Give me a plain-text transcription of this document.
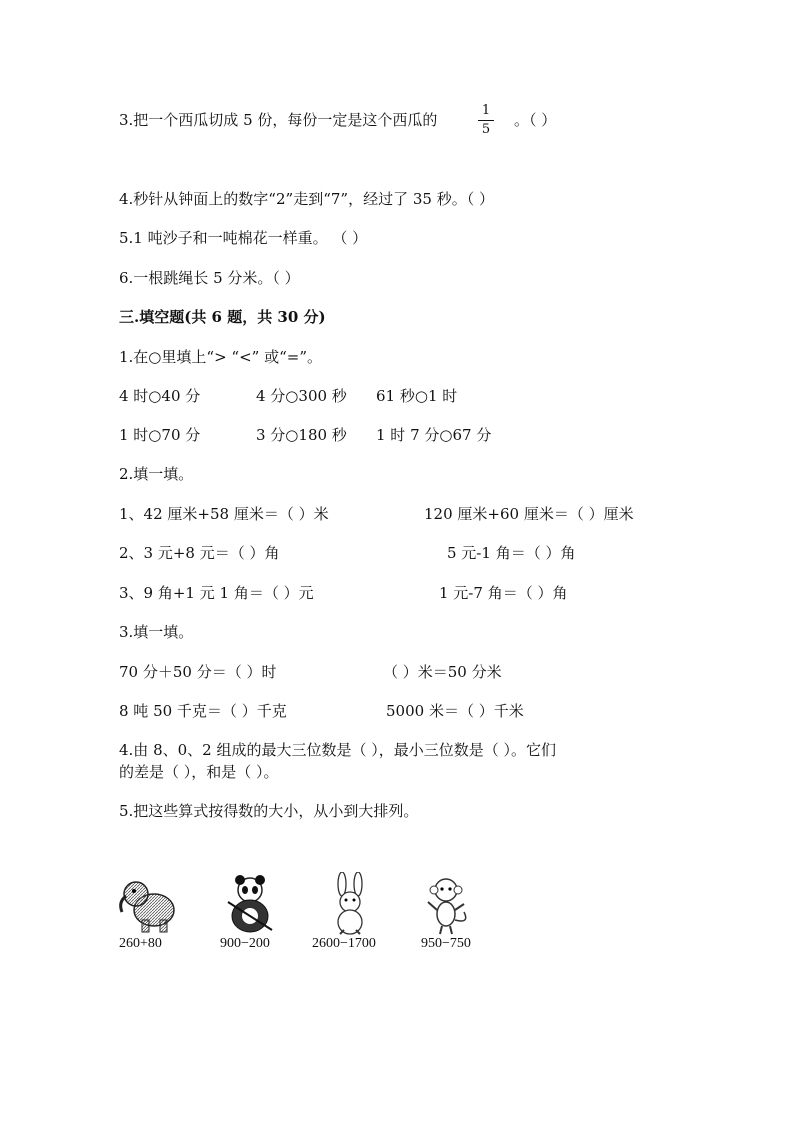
3.把一个西瓜切成 5 份，每份一定是这个西瓜的
1
5
。（ ）
4.秒针从钟面上的数字“2”走到“7”，经过了 35 秒。（ ）
5.1 吨沙子和一吨棉花一样重。 （ ）
6.一根跳绳长 5 分米。（ ）
三.填空题(共 6 题，共 30 分)
1.在○里填上“> “<” 或“=”。
4 时○40 分	4 分○300 秒 61 秒○1 时
1 时○70 分	3 分○180 秒 1 时 7 分○67 分
2.填一填。
1、42 厘米+58 厘米＝（ ）米	120 厘米+60 厘米＝（ ）厘米
2、3 元+8 元＝（ ）角	5 元-1 角＝（ ）角
3、9 角+1 元 1 角＝（ ）元	1 元-7 角＝（ ）角
3.填一填。
70 分＋50 分＝（ ）时	（ ）米＝50 分米
8 吨 50 千克＝（ ）千克	5000 米＝（ ）千米
4.由 8、0、2 组成的最大三位数是（ ），最小三位数是（ ）。它们
的差是（ ），和是（ ）。
5.把这些算式按得数的大小，从小到大排列。
260+80	900−200	2600−1700	950−750
